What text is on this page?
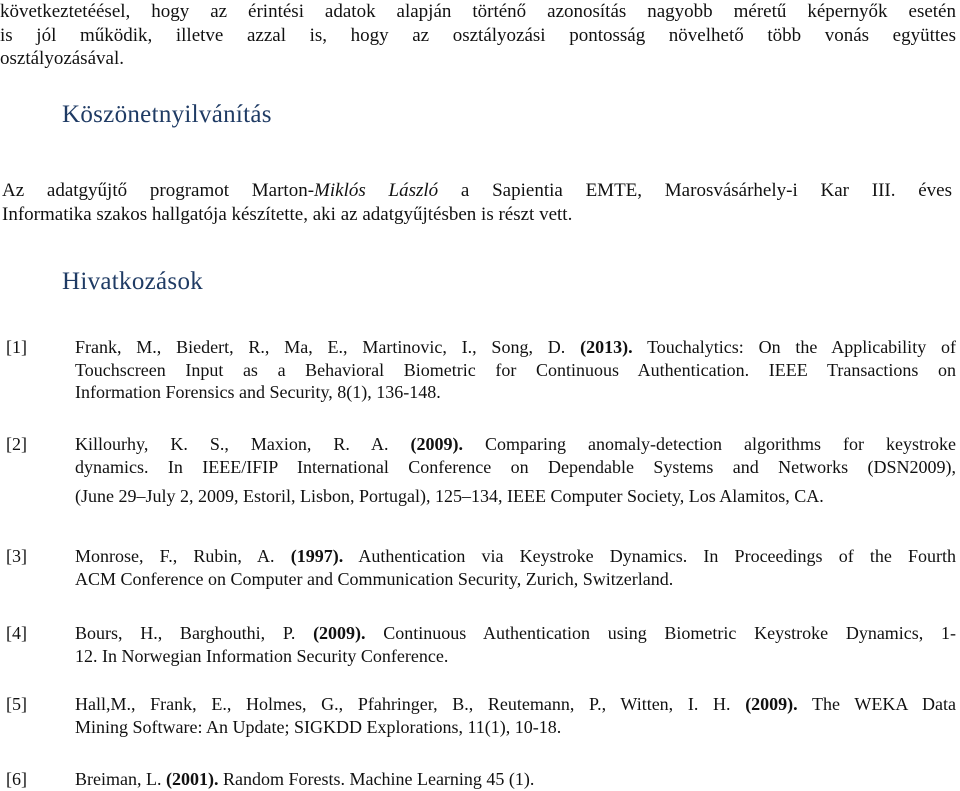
következtetéésel, hogy az érintési adatok alapján történő azonosítás nagyobb méretű képernyők esetén
is jól működik, illetve azzal is, hogy az osztályozási pontosság növelhető több vonás együttes
osztályozásával.
Köszönetnyilvánítás
Az adatgyűjtő programot Marton-Miklós László a Sapientia EMTE, Marosvásárhely-i Kar III. éves
Informatika szakos hallgatója készítette, aki az adatgyűjtésben is részt vett.
Hivatkozások
[1]	Frank, M., Biedert, R., Ma, E., Martinovic, I., Song, D. (2013). Touchalytics: On the Applicability of
Touchscreen Input as a Behavioral Biometric for Continuous Authentication. IEEE Transactions on
Information Forensics and Security, 8(1), 136-148.
[2]	Killourhy, K. S., Maxion, R. A. (2009). Comparing anomaly-detection algorithms for keystroke
dynamics. In IEEE/IFIP International Conference on Dependable Systems and Networks (DSN2009),
(June 29–July 2, 2009, Estoril, Lisbon, Portugal), 125–134, IEEE Computer Society, Los Alamitos, CA.
[3]	Monrose, F., Rubin, A. (1997). Authentication via Keystroke Dynamics. In Proceedings of the Fourth
ACM Conference on Computer and Communication Security, Zurich, Switzerland.
[4]	Bours, H., Barghouthi, P. (2009). Continuous Authentication using Biometric Keystroke Dynamics, 1-
12. In Norwegian Information Security Conference.
[5]	Hall,M., Frank, E., Holmes, G., Pfahringer, B., Reutemann, P., Witten, I. H. (2009). The WEKA Data
Mining Software: An Update; SIGKDD Explorations, 11(1), 10-18.
[6]	Breiman, L. (2001). Random Forests. Machine Learning 45 (1).
